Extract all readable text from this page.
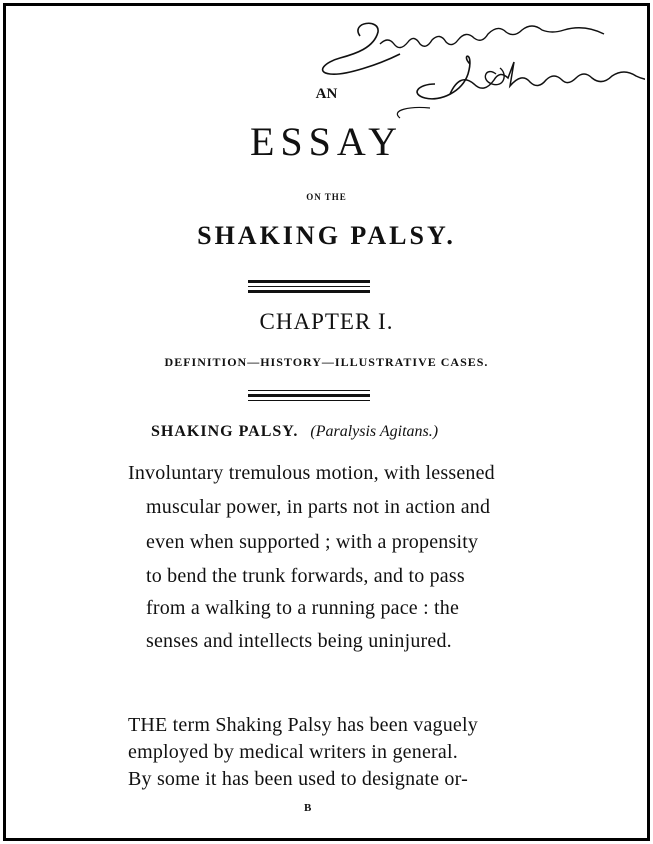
AN
ESSAY
ON THE
SHAKING PALSY.
CHAPTER I.
DEFINITION—HISTORY—ILLUSTRATIVE CASES.
SHAKING PALSY. (Paralysis Agitans.)
Involuntary tremulous motion, with lessened
muscular power, in parts not in action and
even when supported ; with a propensity
to bend the trunk forwards, and to pass
from a walking to a running pace : the
senses and intellects being uninjured.
THE term Shaking Palsy has been vaguely
employed by medical writers in general.
By some it has been used to designate or-
B
